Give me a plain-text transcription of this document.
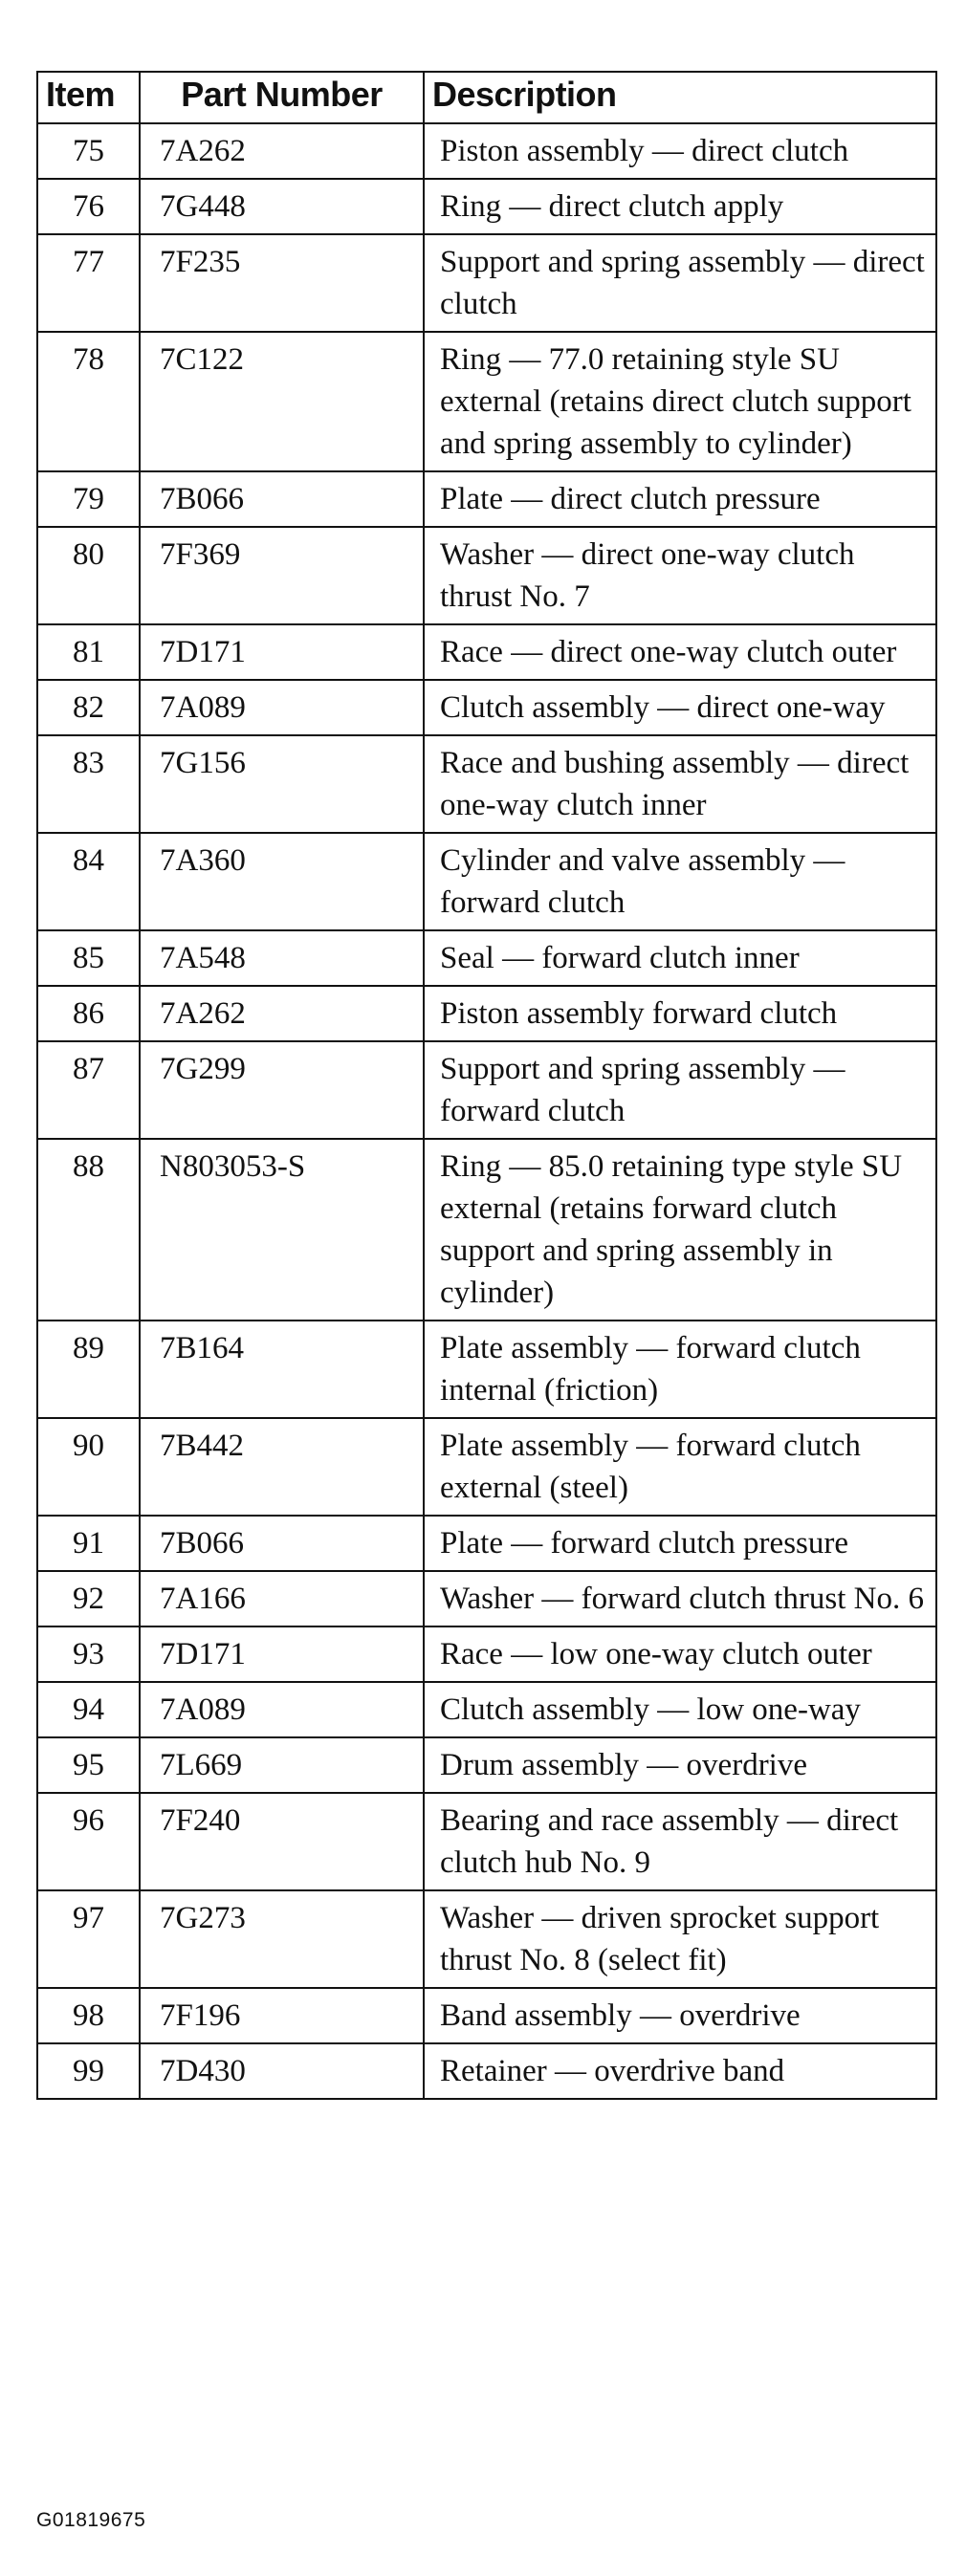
Item	Part Number	Description
75	7A262	Piston assembly — direct clutch
76	7G448	Ring — direct clutch apply
77	7F235	Support and spring assembly — direct clutch
78	7C122	Ring — 77.0 retaining style SU external (retains direct clutch support and spring assembly to cylinder)
79	7B066	Plate — direct clutch pressure
80	7F369	Washer — direct one-way clutch thrust No. 7
81	7D171	Race — direct one-way clutch outer
82	7A089	Clutch assembly — direct one-way
83	7G156	Race and bushing assembly — direct one-way clutch inner
84	7A360	Cylinder and valve assembly — forward clutch
85	7A548	Seal — forward clutch inner
86	7A262	Piston assembly forward clutch
87	7G299	Support and spring assembly — forward clutch
88	N803053-S	Ring — 85.0 retaining type style SU external (retains forward clutch support and spring assembly in cylinder)
89	7B164	Plate assembly — forward clutch internal (friction)
90	7B442	Plate assembly — forward clutch external (steel)
91	7B066	Plate — forward clutch pressure
92	7A166	Washer — forward clutch thrust No. 6
93	7D171	Race — low one-way clutch outer
94	7A089	Clutch assembly — low one-way
95	7L669	Drum assembly — overdrive
96	7F240	Bearing and race assembly — direct clutch hub No. 9
97	7G273	Washer — driven sprocket support thrust No. 8 (select fit)
98	7F196	Band assembly — overdrive
99	7D430	Retainer — overdrive band
G01819675
